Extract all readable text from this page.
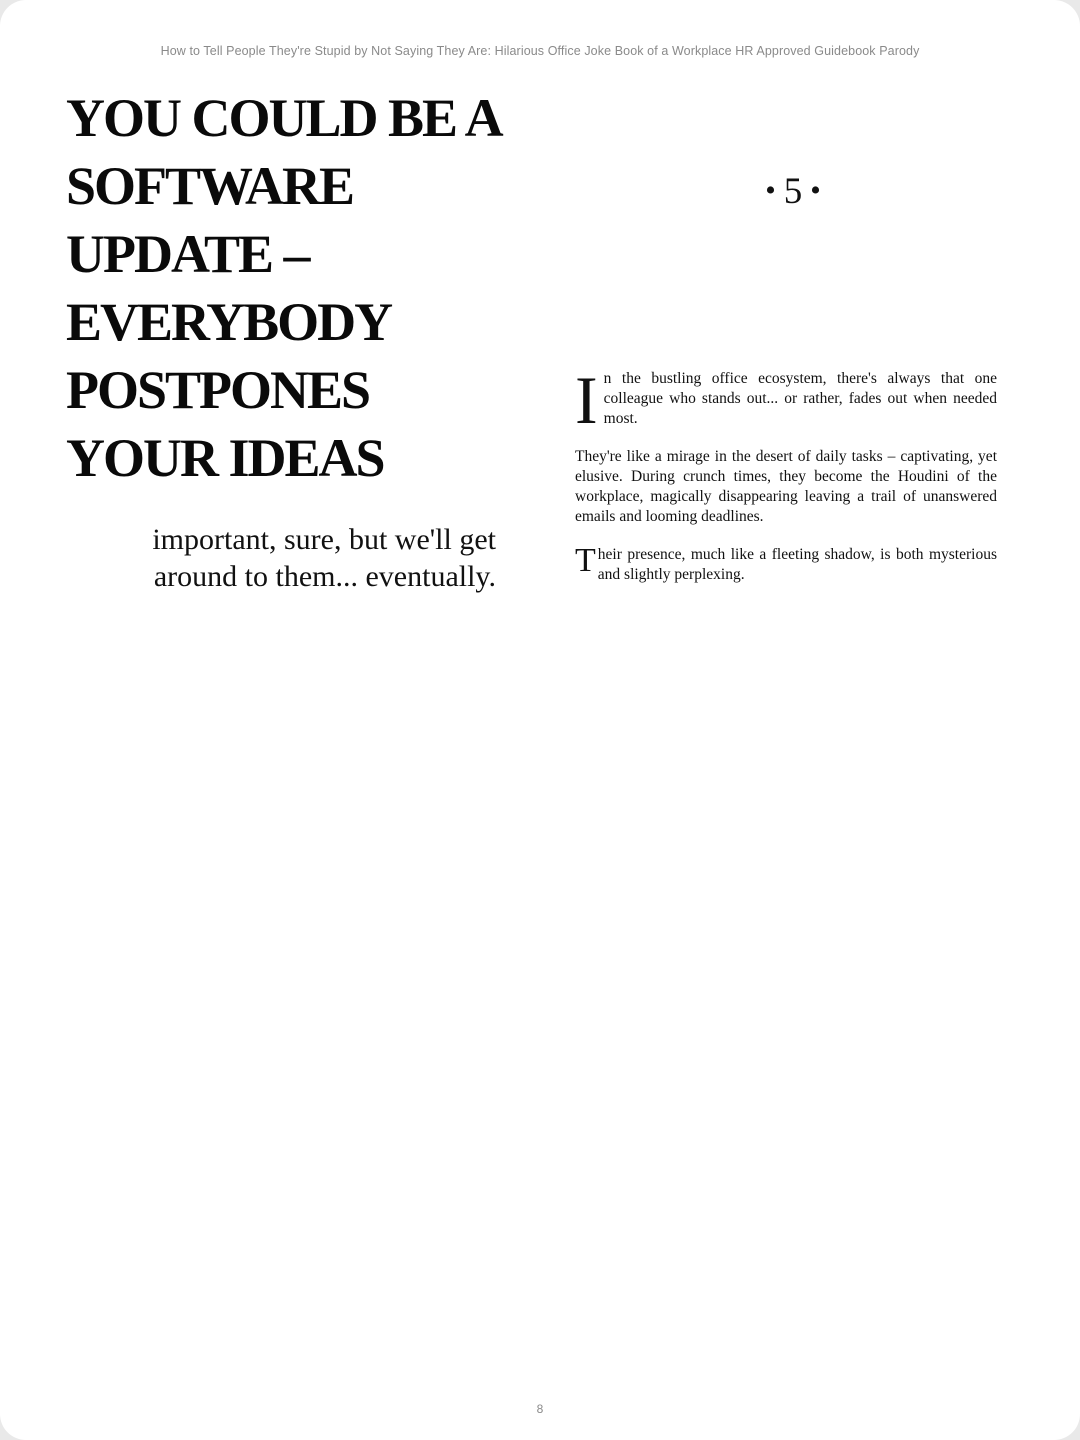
How to Tell People They're Stupid by Not Saying They Are: Hilarious Office Joke Book of a Workplace HR Approved Guidebook Parody
YOU COULD BE A
SOFTWARE
UPDATE –
EVERYBODY
POSTPONES
YOUR IDEAS
important, sure, but we'll get
around to them... eventually.
• 5 •

In the bustling office ecosystem, there's always that one colleague who stands out... or rather, fades out when needed most.

They're like a mirage in the desert of daily tasks – captivating, yet elusive. During crunch times, they become the Houdini of the workplace, magically disappearing leaving a trail of unanswered emails and looming deadlines.

Their presence, much like a fleeting shadow, is both mysterious and slightly perplexing.

8
